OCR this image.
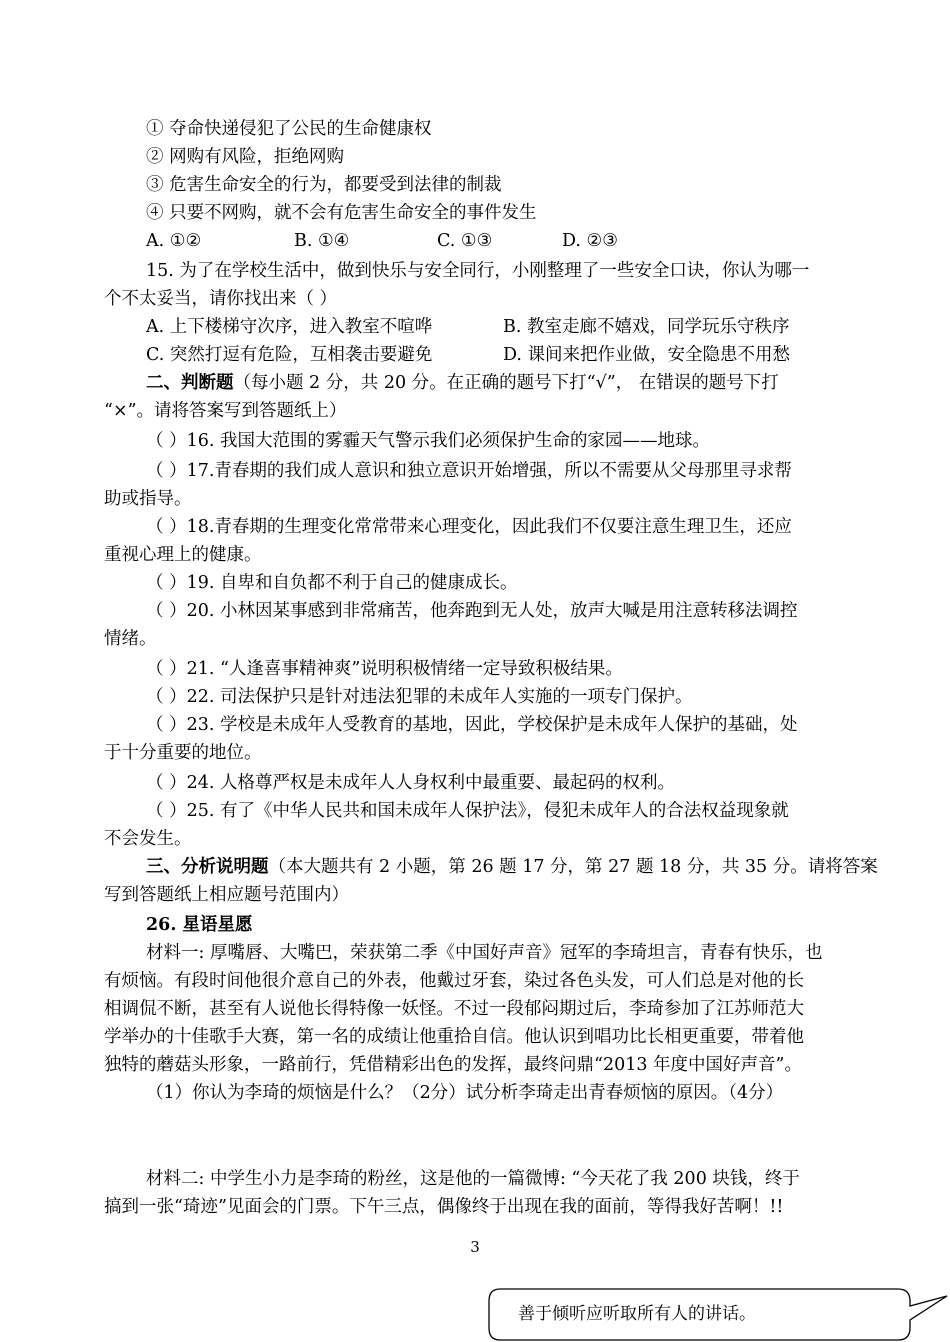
① 夺命快递侵犯了公民的生命健康权
② 网购有风险，拒绝网购
③ 危害生命安全的行为，都要受到法律的制裁
④ 只要不网购，就不会有危害生命安全的事件发生
A. ①②	B. ①④	C. ①③	D. ②③
15. 为了在学校生活中，做到快乐与安全同行，小刚整理了一些安全口诀，你认为哪一
个不太妥当，请你找出来（ ）
A. 上下楼梯守次序，进入教室不喧哗	B. 教室走廊不嬉戏，同学玩乐守秩序
C. 突然打逗有危险，互相袭击要避免	D. 课间来把作业做，安全隐患不用愁
二、判断题（每小题 2 分，共 20 分。在正确的题号下打“√”， 在错误的题号下打
“×”。请将答案写到答题纸上）
（ ）16. 我国大范围的雾霾天气警示我们必须保护生命的家园——地球。
（ ）17.青春期的我们成人意识和独立意识开始增强，所以不需要从父母那里寻求帮
助或指导。
（ ）18.青春期的生理变化常常带来心理变化，因此我们不仅要注意生理卫生，还应
重视心理上的健康。
（ ）19. 自卑和自负都不利于自己的健康成长。
（ ）20. 小林因某事感到非常痛苦，他奔跑到无人处，放声大喊是用注意转移法调控
情绪。
（ ）21. “人逢喜事精神爽”说明积极情绪一定导致积极结果。
（ ）22. 司法保护只是针对违法犯罪的未成年人实施的一项专门保护。
（ ）23. 学校是未成年人受教育的基地，因此，学校保护是未成年人保护的基础，处
于十分重要的地位。
（ ）24. 人格尊严权是未成年人人身权利中最重要、最起码的权利。
（ ）25. 有了《中华人民共和国未成年人保护法》，侵犯未成年人的合法权益现象就
不会发生。
三、分析说明题（本大题共有 2 小题，第 26 题 17 分，第 27 题 18 分，共 35 分。请将答案
写到答题纸上相应题号范围内）
26. 星语星愿
材料一: 厚嘴唇、大嘴巴，荣获第二季《中国好声音》冠军的李琦坦言，青春有快乐，也
有烦恼。有段时间他很介意自己的外表，他戴过牙套，染过各色头发，可人们总是对他的长
相调侃不断，甚至有人说他长得特像一妖怪。不过一段郁闷期过后，李琦参加了江苏师范大
学举办的十佳歌手大赛，第一名的成绩让他重拾自信。他认识到唱功比长相更重要，带着他
独特的蘑菇头形象，一路前行，凭借精彩出色的发挥，最终问鼎“2013 年度中国好声音”。
（1）你认为李琦的烦恼是什么？（2分）试分析李琦走出青春烦恼的原因。（4分）
材料二: 中学生小力是李琦的粉丝，这是他的一篇微博: “今天花了我 200 块钱，终于
搞到一张“琦迹”见面会的门票。下午三点，偶像终于出现在我的面前，等得我好苦啊！!!
3
善于倾听应听取所有人的讲话。
